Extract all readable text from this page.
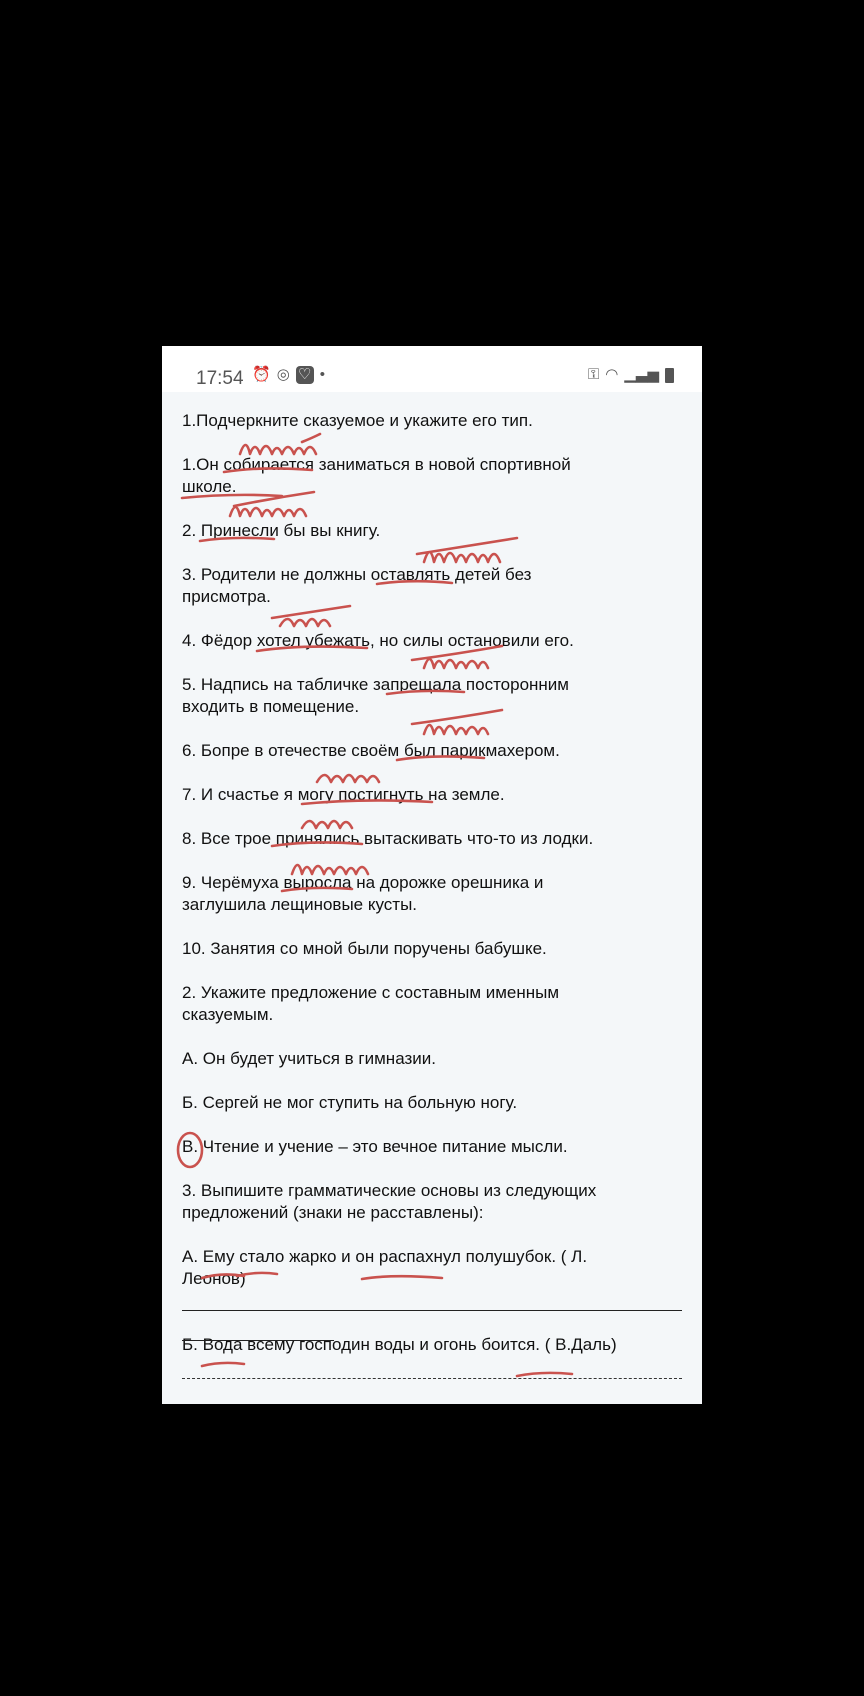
17:54 ⏰ ◎ ♡ •	⚿ ◠ ▁▃▅
1.Подчеркните сказуемое и укажите его тип.
1.Он собирается заниматься в новой спортивной
школе.
2. Принесли бы вы книгу.
3. Родители не должны оставлять детей без
присмотра.
4. Фёдор хотел убежать, но силы остановили его.
5. Надпись на табличке запрещала посторонним
входить в помещение.
6. Бопре в отечестве своём был парикмахером.
7. И счастье я могу постигнуть на земле.
8. Все трое принялись вытаскивать что-то из лодки.
9. Черёмуха выросла на дорожке орешника и
заглушила лещиновые кусты.
10. Занятия со мной были поручены бабушке.
2. Укажите предложение с составным именным
сказуемым.
А. Он будет учиться в гимназии.
Б. Сергей не мог ступить на больную ногу.
В. Чтение и учение – это вечное питание мысли.
3. Выпишите грамматические основы из следующих
предложений (знаки не расставлены):
А. Ему стало жарко и он распахнул полушубок. ( Л.
Леонов)
Б. Вода всему господин воды и огонь боится. ( В.Даль)
